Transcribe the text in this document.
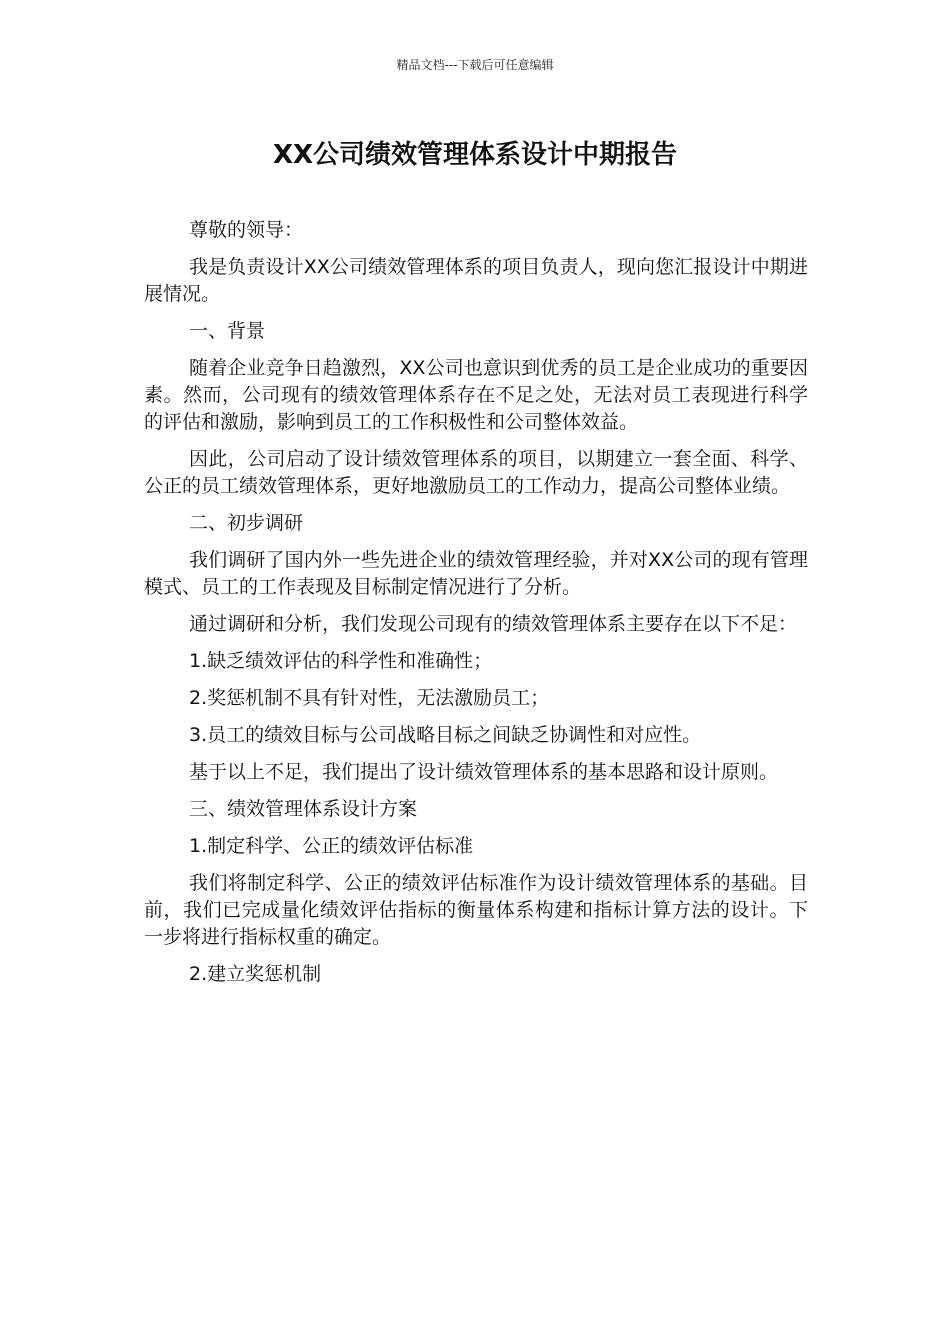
精品文档---下载后可任意编辑
XX公司绩效管理体系设计中期报告

尊敬的领导：

我是负责设计XX公司绩效管理体系的项目负责人，现向您汇报设计中期进展情况。

一、背景

随着企业竞争日趋激烈，XX公司也意识到优秀的员工是企业成功的重要因素。然而，公司现有的绩效管理体系存在不足之处，无法对员工表现进行科学的评估和激励，影响到员工的工作积极性和公司整体效益。

因此，公司启动了设计绩效管理体系的项目，以期建立一套全面、科学、公正的员工绩效管理体系，更好地激励员工的工作动力，提高公司整体业绩。

二、初步调研

我们调研了国内外一些先进企业的绩效管理经验，并对XX公司的现有管理模式、员工的工作表现及目标制定情况进行了分析。

通过调研和分析，我们发现公司现有的绩效管理体系主要存在以下不足：

1.缺乏绩效评估的科学性和准确性；

2.奖惩机制不具有针对性，无法激励员工；

3.员工的绩效目标与公司战略目标之间缺乏协调性和对应性。

基于以上不足，我们提出了设计绩效管理体系的基本思路和设计原则。

三、绩效管理体系设计方案

1.制定科学、公正的绩效评估标准

我们将制定科学、公正的绩效评估标准作为设计绩效管理体系的基础。目前，我们已完成量化绩效评估指标的衡量体系构建和指标计算方法的设计。下一步将进行指标权重的确定。

2.建立奖惩机制
